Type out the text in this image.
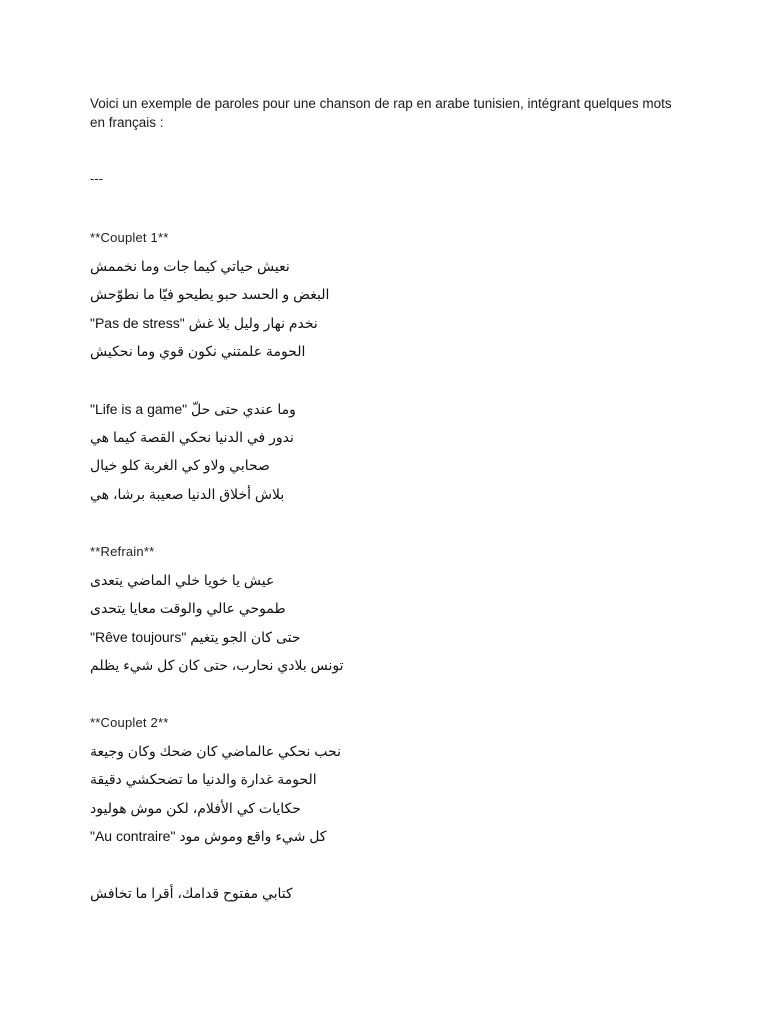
Voici un exemple de paroles pour une chanson de rap en arabe tunisien, intégrant quelques mots en français :
---
**Couplet 1**
نعيش حياتي كيما جات وما نخممش
البغض و الحسد حبو يطيحو فيّا ما نطوّحش
"Pas de stress" نخدم نهار وليل بلا غش
الحومة علمتني نكون قوي وما نحكيش
"Life is a game" وما عندي حتى حلّ
ندور في الدنيا نحكي القصة كيما هي
صحابي ولاو كي الغربة كلو خيال
بلاش أخلاق الدنيا صعيبة برشا، هي
**Refrain**
عيش يا خويا خلي الماضي يتعدى
طموحي عالي والوقت معايا يتحدى
"Rêve toujours" حتى كان الجو يتغيم
تونس بلادي نحارب، حتى كان كل شيء يظلم
**Couplet 2**
نحب نحكي عالماضي كان ضحك وكان وجيعة
الحومة غدارة والدنيا ما تضحكشي دقيقة
حكايات كي الأفلام، لكن موش هوليود
"Au contraire" كل شيء واقع وموش مود
كتابي مفتوح قدامك، أقرا ما تخافش
